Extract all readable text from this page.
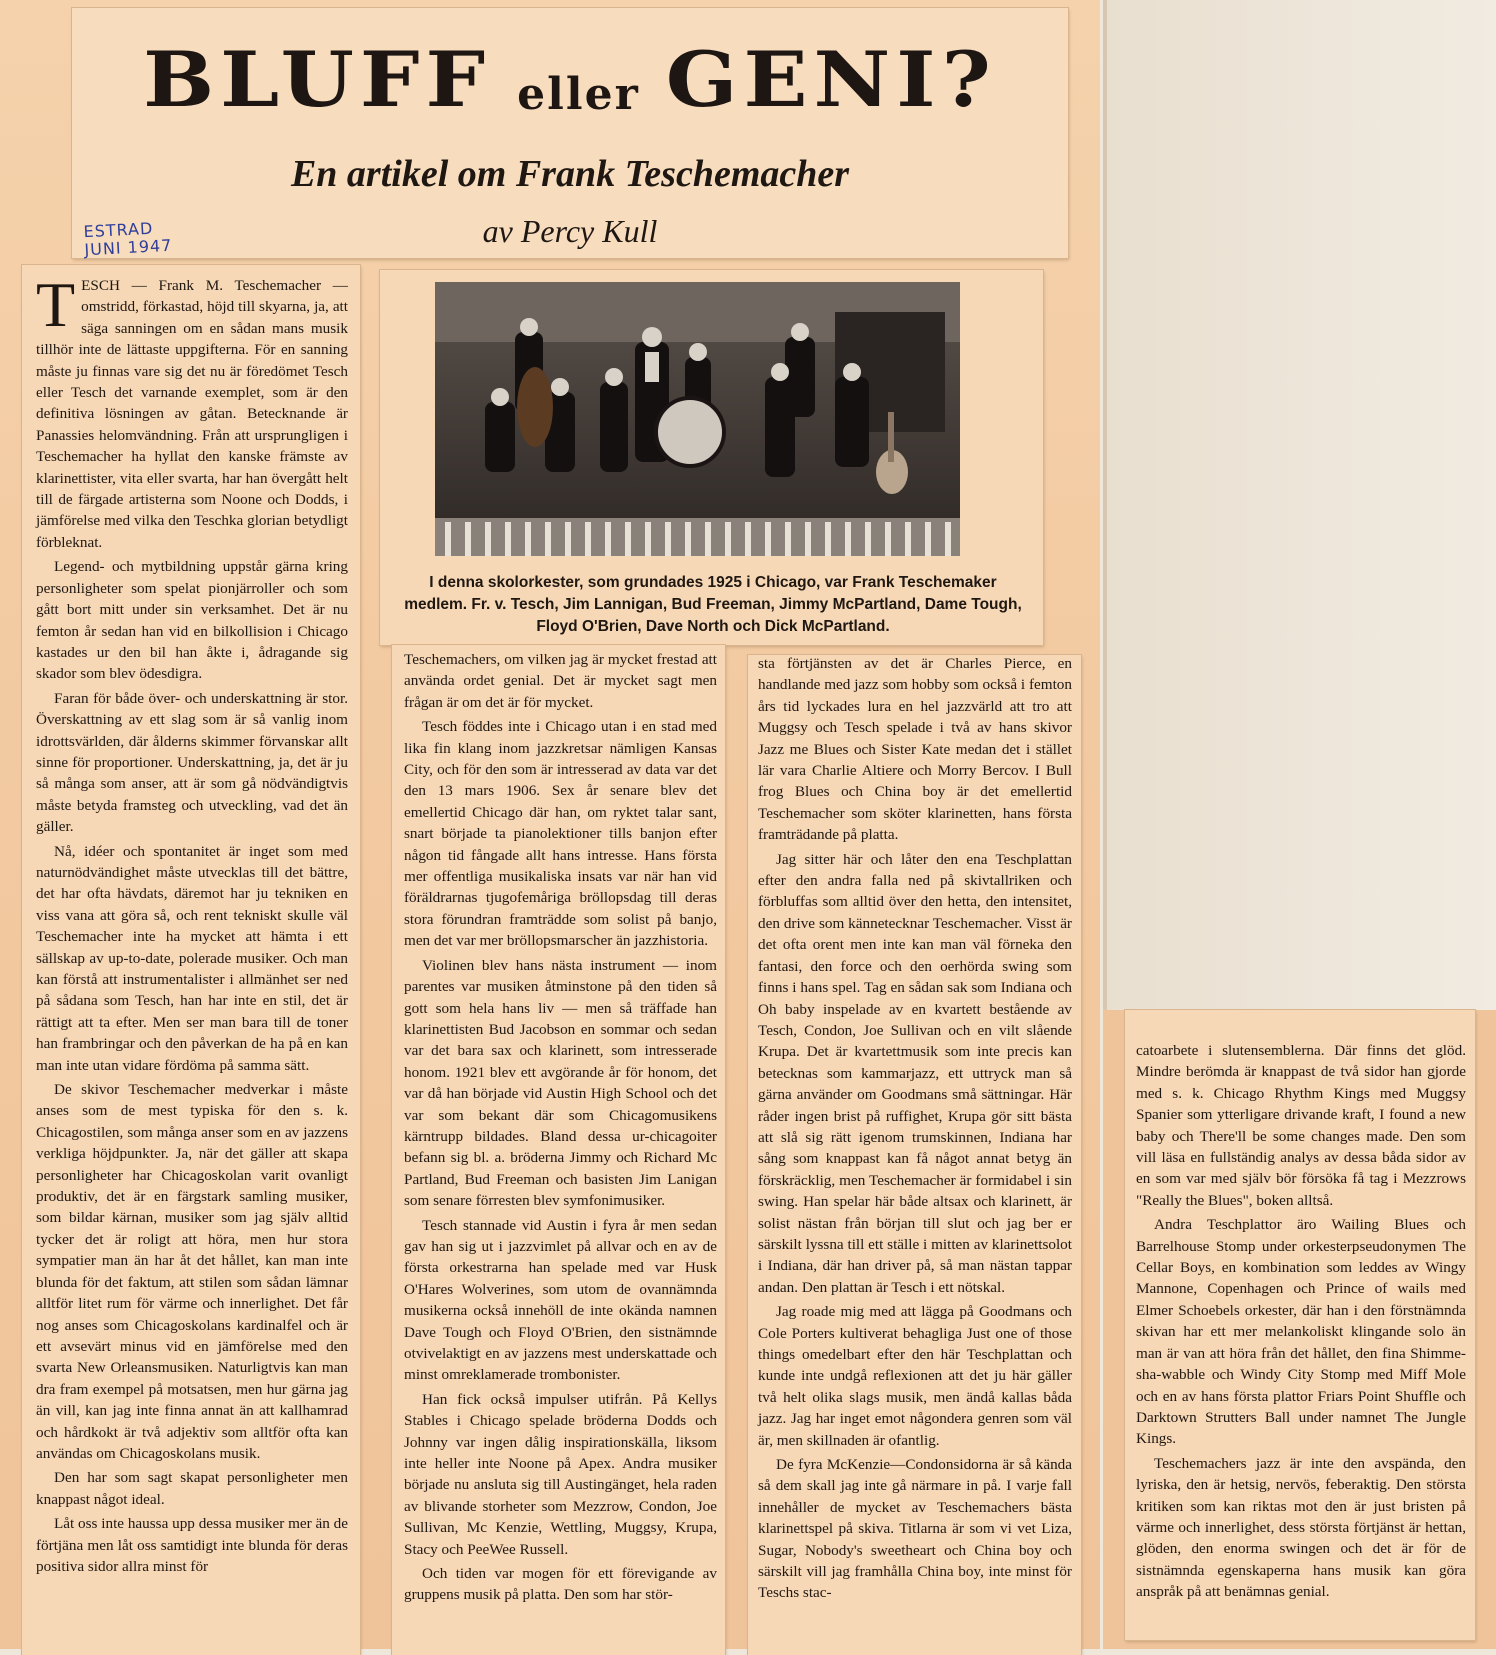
BLUFF eller GENI?
En artikel om Frank Teschemacher
av Percy Kull
ESTRAD
JUNI 1947

TESCH — Frank M. Teschemacher — omstridd, förkastad, höjd till skyarna, ja, att säga sanningen om en sådan mans musik tillhör inte de lättaste uppgifterna. För en sanning måste ju finnas vare sig det nu är föredömet Tesch eller Tesch det varnande exemplet, som är den definitiva lösningen av gåtan. Betecknande är Panassies helomvändning. Från att ursprungligen i Teschemacher ha hyllat den kanske främste av klarinettister, vita eller svarta, har han övergått helt till de färgade artisterna som Noone och Dodds, i jämförelse med vilka den Teschka glorian betydligt förbleknat.

Legend- och mytbildning uppstår gärna kring personligheter som spelat pionjärroller och som gått bort mitt under sin verksamhet. Det är nu femton år sedan han vid en bilkollision i Chicago kastades ur den bil han åkte i, ådragande sig skador som blev ödesdigra.

Faran för både över- och underskattning är stor. Överskattning av ett slag som är så vanlig inom idrottsvärlden, där ålderns skimmer förvanskar allt sinne för proportioner. Underskattning, ja, det är ju så många som anser, att är som gå nödvändigtvis måste betyda framsteg och utveckling, vad det än gäller.

Nå, idéer och spontanitet är inget som med naturnödvändighet måste utvecklas till det bättre, det har ofta hävdats, däremot har ju tekniken en viss vana att göra så, och rent tekniskt skulle väl Teschemacher inte ha mycket att hämta i ett sällskap av up-to-date, polerade musiker. Och man kan förstå att instrumentalister i allmänhet ser ned på sådana som Tesch, han har inte en stil, det är rättigt att ta efter. Men ser man bara till de toner han frambringar och den påverkan de ha på en kan man inte utan vidare fördöma på samma sätt.

De skivor Teschemacher medverkar i måste anses som de mest typiska för den s. k. Chicagostilen, som många anser som en av jazzens verkliga höjdpunkter. Ja, när det gäller att skapa personligheter har Chicagoskolan varit ovanligt produktiv, det är en färgstark samling musiker, som bildar kärnan, musiker som jag själv alltid tycker det är roligt att höra, men hur stora sympatier man än har åt det hållet, kan man inte blunda för det faktum, att stilen som sådan lämnar alltför litet rum för värme och innerlighet. Det får nog anses som Chicagoskolans kardinalfel och är ett avsevärt minus vid en jämförelse med den svarta New Orleansmusiken. Naturligtvis kan man dra fram exempel på motsatsen, men hur gärna jag än vill, kan jag inte finna annat än att kallhamrad och hårdkokt är två adjektiv som alltför ofta kan användas om Chicagoskolans musik.

Den har som sagt skapat personligheter men knappast något ideal.

Låt oss inte haussa upp dessa musiker mer än de förtjäna men låt oss samtidigt inte blunda för deras positiva sidor allra minst för

I denna skolorkester, som grundades 1925 i Chicago, var Frank Teschemaker medlem. Fr. v. Tesch, Jim Lannigan, Bud Freeman, Jimmy McPartland, Dame Tough, Floyd O'Brien, Dave North och Dick McPartland.

Teschemachers, om vilken jag är mycket frestad att använda ordet genial. Det är mycket sagt men frågan är om det är för mycket.

Tesch föddes inte i Chicago utan i en stad med lika fin klang inom jazzkretsar nämligen Kansas City, och för den som är intresserad av data var det den 13 mars 1906. Sex år senare blev det emellertid Chicago där han, om ryktet talar sant, snart började ta pianolektioner tills banjon efter någon tid fångade allt hans intresse. Hans första mer offentliga musikaliska insats var när han vid föräldrarnas tjugofemåriga bröllopsdag till deras stora förundran framträdde som solist på banjo, men det var mer bröllopsmarscher än jazzhistoria.

Violinen blev hans nästa instrument — inom parentes var musiken åtminstone på den tiden så gott som hela hans liv — men så träffade han klarinettisten Bud Jacobson en sommar och sedan var det bara sax och klarinett, som intresserade honom. 1921 blev ett avgörande år för honom, det var då han började vid Austin High School och det var som bekant där som Chicagomusikens kärntrupp bildades. Bland dessa ur-chicagoiter befann sig bl. a. bröderna Jimmy och Richard Mc Partland, Bud Freeman och basisten Jim Lanigan som senare förresten blev symfonimusiker.

Tesch stannade vid Austin i fyra år men sedan gav han sig ut i jazzvimlet på allvar och en av de första orkestrarna han spelade med var Husk O'Hares Wolverines, som utom de ovannämnda musikerna också innehöll de inte okända namnen Dave Tough och Floyd O'Brien, den sistnämnde otvivelaktigt en av jazzens mest underskattade och minst omreklamerade trombonister.

Han fick också impulser utifrån. På Kellys Stables i Chicago spelade bröderna Dodds och Johnny var ingen dålig inspirationskälla, liksom inte heller inte Noone på Apex. Andra musiker började nu ansluta sig till Austingänget, hela raden av blivande storheter som Mezzrow, Condon, Joe Sullivan, Mc Kenzie, Wettling, Muggsy, Krupa, Stacy och PeeWee Russell.

Och tiden var mogen för ett förevigande av gruppens musik på platta. Den som har stör-

sta förtjänsten av det är Charles Pierce, en handlande med jazz som hobby som också i femton års tid lyckades lura en hel jazzvärld att tro att Muggsy och Tesch spelade i två av hans skivor Jazz me Blues och Sister Kate medan det i stället lär vara Charlie Altiere och Morry Bercov. I Bull frog Blues och China boy är det emellertid Teschemacher som sköter klarinetten, hans första framträdande på platta.

Jag sitter här och låter den ena Teschplattan efter den andra falla ned på skivtallriken och förbluffas som alltid över den hetta, den intensitet, den drive som kännetecknar Teschemacher. Visst är det ofta orent men inte kan man väl förneka den fantasi, den force och den oerhörda swing som finns i hans spel. Tag en sådan sak som Indiana och Oh baby inspelade av en kvartett bestående av Tesch, Condon, Joe Sullivan och en vilt slående Krupa. Det är kvartettmusik som inte precis kan betecknas som kammarjazz, ett uttryck man så gärna använder om Goodmans små sättningar. Här råder ingen brist på ruffighet, Krupa gör sitt bästa att slå sig rätt igenom trumskinnen, Indiana har sång som knappast kan få något annat betyg än förskräcklig, men Teschemacher är formidabel i sin swing. Han spelar här både altsax och klarinett, är solist nästan från början till slut och jag ber er särskilt lyssna till ett ställe i mitten av klarinettsolot i Indiana, där han driver på, så man nästan tappar andan. Den plattan är Tesch i ett nötskal.

Jag roade mig med att lägga på Goodmans och Cole Porters kultiverat behagliga Just one of those things omedelbart efter den här Teschplattan och kunde inte undgå reflexionen att det ju här gäller två helt olika slags musik, men ändå kallas båda jazz. Jag har inget emot någondera genren som väl är, men skillnaden är ofantlig.

De fyra McKenzie—Condonsidorna är så kända så dem skall jag inte gå närmare in på. I varje fall innehåller de mycket av Teschemachers bästa klarinettspel på skiva. Titlarna är som vi vet Liza, Sugar, Nobody's sweetheart och China boy och särskilt vill jag framhålla China boy, inte minst för Teschs stac-

catoarbete i slutensemblerna. Där finns det glöd. Mindre berömda är knappast de två sidor han gjorde med s. k. Chicago Rhythm Kings med Muggsy Spanier som ytterligare drivande kraft, I found a new baby och There'll be some changes made. Den som vill läsa en fullständig analys av dessa båda sidor av en som var med själv bör försöka få tag i Mezzrows "Really the Blues", boken alltså.

Andra Teschplattor äro Wailing Blues och Barrelhouse Stomp under orkesterpseudonymen The Cellar Boys, en kombination som leddes av Wingy Mannone, Copenhagen och Prince of wails med Elmer Schoebels orkester, där han i den förstnämnda skivan har ett mer melankoliskt klingande solo än man är van att höra från det hållet, den fina Shimme-sha-wabble och Windy City Stomp med Miff Mole och en av hans första plattor Friars Point Shuffle och Darktown Strutters Ball under namnet The Jungle Kings.

Teschemachers jazz är inte den avspända, den lyriska, den är hetsig, nervös, feberaktig. Den största kritiken som kan riktas mot den är just bristen på värme och innerlighet, dess största förtjänst är hettan, glöden, den enorma swingen och det är för de sistnämnda egenskaperna hans musik kan göra anspråk på att benämnas genial.
